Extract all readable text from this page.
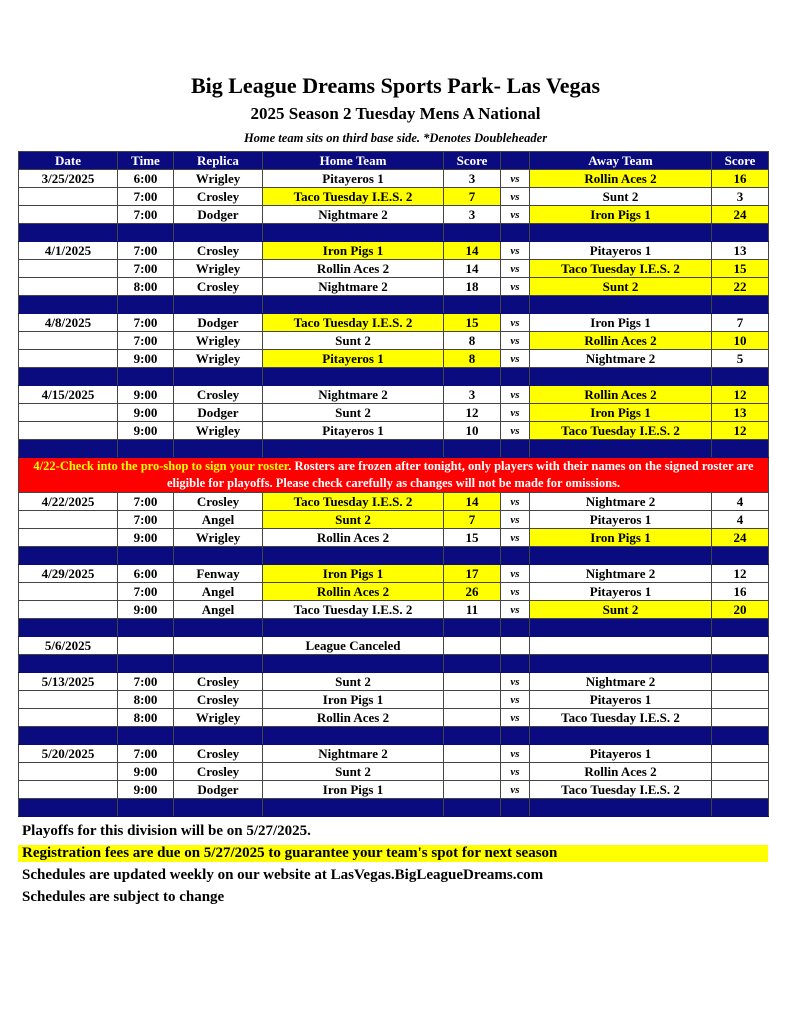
Big League Dreams Sports Park- Las Vegas
2025 Season 2 Tuesday Mens A National
Home team sits on third base side. *Denotes Doubleheader
Date	Time	Replica	Home Team	Score		Away Team	Score
3/25/2025	6:00	Wrigley	Pitayeros 1	3	vs	Rollin Aces 2	16
	7:00	Crosley	Taco Tuesday I.E.S. 2	7	vs	Sunt 2	3
	7:00	Dodger	Nightmare 2	3	vs	Iron Pigs 1	24

4/1/2025	7:00	Crosley	Iron Pigs 1	14	vs	Pitayeros 1	13
	7:00	Wrigley	Rollin Aces 2	14	vs	Taco Tuesday I.E.S. 2	15
	8:00	Crosley	Nightmare 2	18	vs	Sunt 2	22

4/8/2025	7:00	Dodger	Taco Tuesday I.E.S. 2	15	vs	Iron Pigs 1	7
	7:00	Wrigley	Sunt 2	8	vs	Rollin Aces 2	10
	9:00	Wrigley	Pitayeros 1	8	vs	Nightmare 2	5

4/15/2025	9:00	Crosley	Nightmare 2	3	vs	Rollin Aces 2	12
	9:00	Dodger	Sunt 2	12	vs	Iron Pigs 1	13
	9:00	Wrigley	Pitayeros 1	10	vs	Taco Tuesday I.E.S. 2	12

4/22-Check into the pro-shop to sign your roster. Rosters are frozen after tonight, only players with their names on the signed roster are eligible for playoffs. Please check carefully as changes will not be made for omissions.							
4/22/2025	7:00	Crosley	Taco Tuesday I.E.S. 2	14	vs	Nightmare 2	4
	7:00	Angel	Sunt 2	7	vs	Pitayeros 1	4
	9:00	Wrigley	Rollin Aces 2	15	vs	Iron Pigs 1	24

4/29/2025	6:00	Fenway	Iron Pigs 1	17	vs	Nightmare 2	12
	7:00	Angel	Rollin Aces 2	26	vs	Pitayeros 1	16
	9:00	Angel	Taco Tuesday I.E.S. 2	11	vs	Sunt 2	20

5/6/2025			League Canceled				

5/13/2025	7:00	Crosley	Sunt 2		vs	Nightmare 2	
	8:00	Crosley	Iron Pigs 1		vs	Pitayeros 1	
	8:00	Wrigley	Rollin Aces 2		vs	Taco Tuesday I.E.S. 2	

5/20/2025	7:00	Crosley	Nightmare 2		vs	Pitayeros 1	
	9:00	Crosley	Sunt 2		vs	Rollin Aces 2	
	9:00	Dodger	Iron Pigs 1		vs	Taco Tuesday I.E.S. 2	

Playoffs for this division will be on 5/27/2025.
Registration fees are due on 5/27/2025 to guarantee your team's spot for next season
Schedules are updated weekly on our website at LasVegas.BigLeagueDreams.com
Schedules are subject to change
